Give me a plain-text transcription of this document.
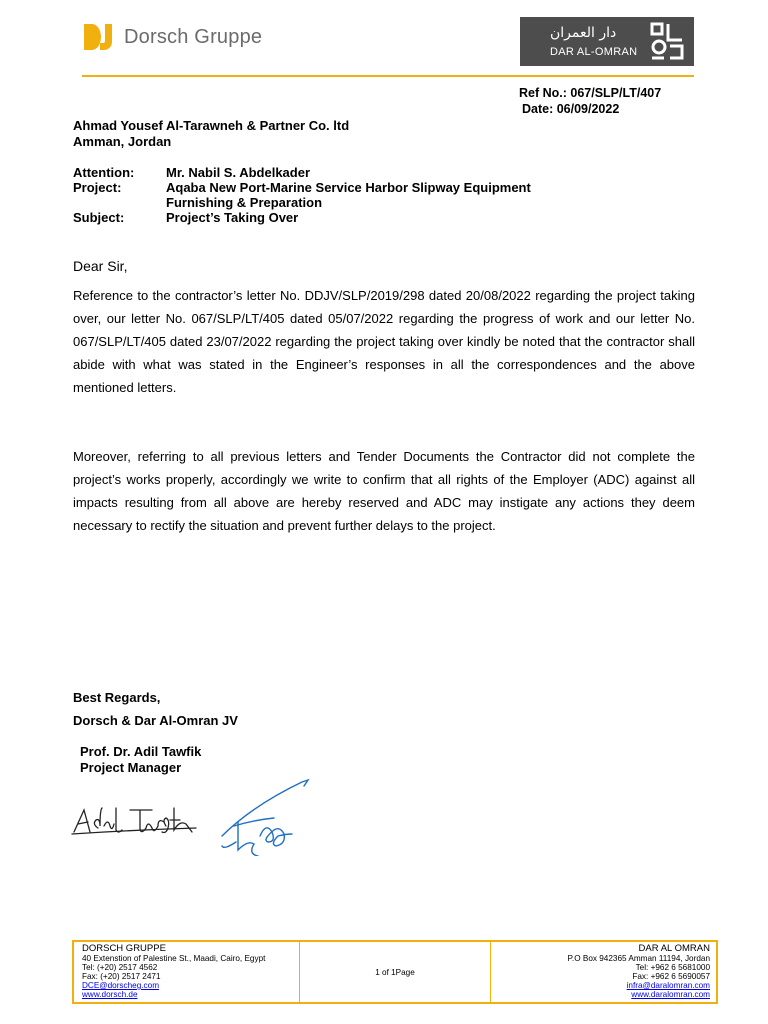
Dorsch Gruppe	دار العمران
DAR AL-OMRAN
Ref No.: 067/SLP/LT/407
Date: 06/09/2022
Ahmad Yousef Al-Tarawneh & Partner Co. ltd
Amman, Jordan
Attention: Mr. Nabil S. Abdelkader
Project:	Aqaba New Port-Marine Service Harbor Slipway Equipment
Furnishing & Preparation
Subject:	Project’s Taking Over
Dear Sir,
Reference to the contractor’s letter No. DDJV/SLP/2019/298 dated 20/08/2022 regarding the project taking over, our letter No. 067/SLP/LT/405 dated 05/07/2022 regarding the progress of work and our letter No. 067/SLP/LT/405 dated 23/07/2022 regarding the project taking over kindly be noted that the contractor shall abide with what was stated in the Engineer’s responses in all the correspondences and the above mentioned letters.
Moreover, referring to all previous letters and Tender Documents the Contractor did not complete the project’s works properly, accordingly we write to confirm that all rights of the Employer (ADC) against all impacts resulting from all above are hereby reserved and ADC may instigate any actions they deem necessary to rectify the situation and prevent further delays to the project.
Best Regards,
Dorsch & Dar Al-Omran JV
Prof. Dr. Adil Tawfik
Project Manager
DORSCH GRUPPE
40 Extenstion of Palestine St., Maadi, Cairo, Egypt
Tel: (+20) 2517 4562
Fax: (+20) 2517 2471
DCE@dorscheg.com
www.dorsch.de
1 of 1Page
DAR AL OMRAN
P.O Box 942365 Amman 11194, Jordan
Tel: +962 6 5681000
Fax: +962 6 5690057
infra@daralomran.com
www.daralomran.com
